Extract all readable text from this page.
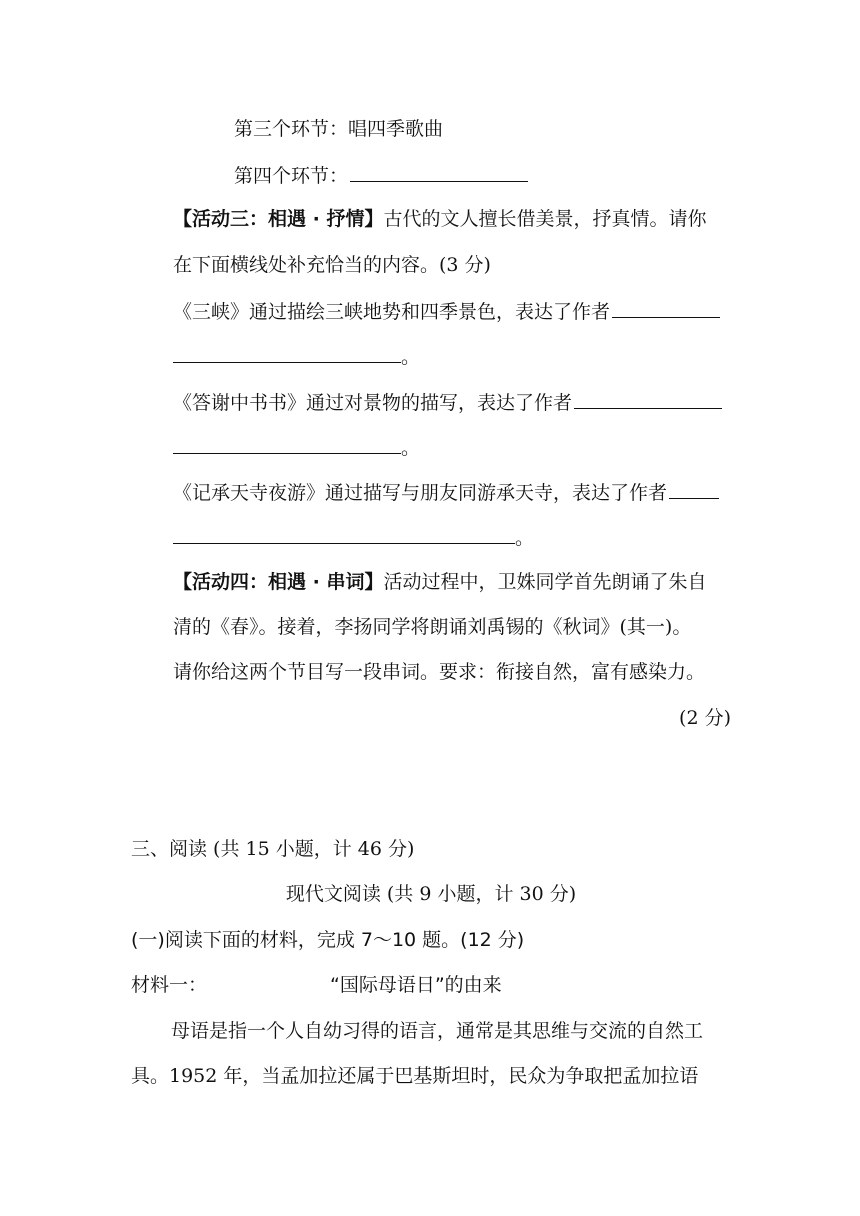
第三个环节：唱四季歌曲
第四个环节：
【活动三：相遇 · 抒情】古代的文人擅长借美景，抒真情。请你
在下面横线处补充恰当的内容。(3 分)
《三峡》通过描绘三峡地势和四季景色，表达了作者
。
《答谢中书书》通过对景物的描写，表达了作者
。
《记承天寺夜游》通过描写与朋友同游承天寺，表达了作者
。
【活动四：相遇 · 串词】活动过程中，卫姝同学首先朗诵了朱自
清的《春》。接着，李扬同学将朗诵刘禹锡的《秋词》(其一)。
请你给这两个节目写一段串词。要求：衔接自然，富有感染力。
(2 分)
三、阅读 (共 15 小题，计 46 分)
现代文阅读 (共 9 小题，计 30 分)
(一)阅读下面的材料，完成 7～10 题。(12 分)
材料一：	“国际母语日”的由来
母语是指一个人自幼习得的语言，通常是其思维与交流的自然工
具。1952 年，当孟加拉还属于巴基斯坦时，民众为争取把孟加拉语
